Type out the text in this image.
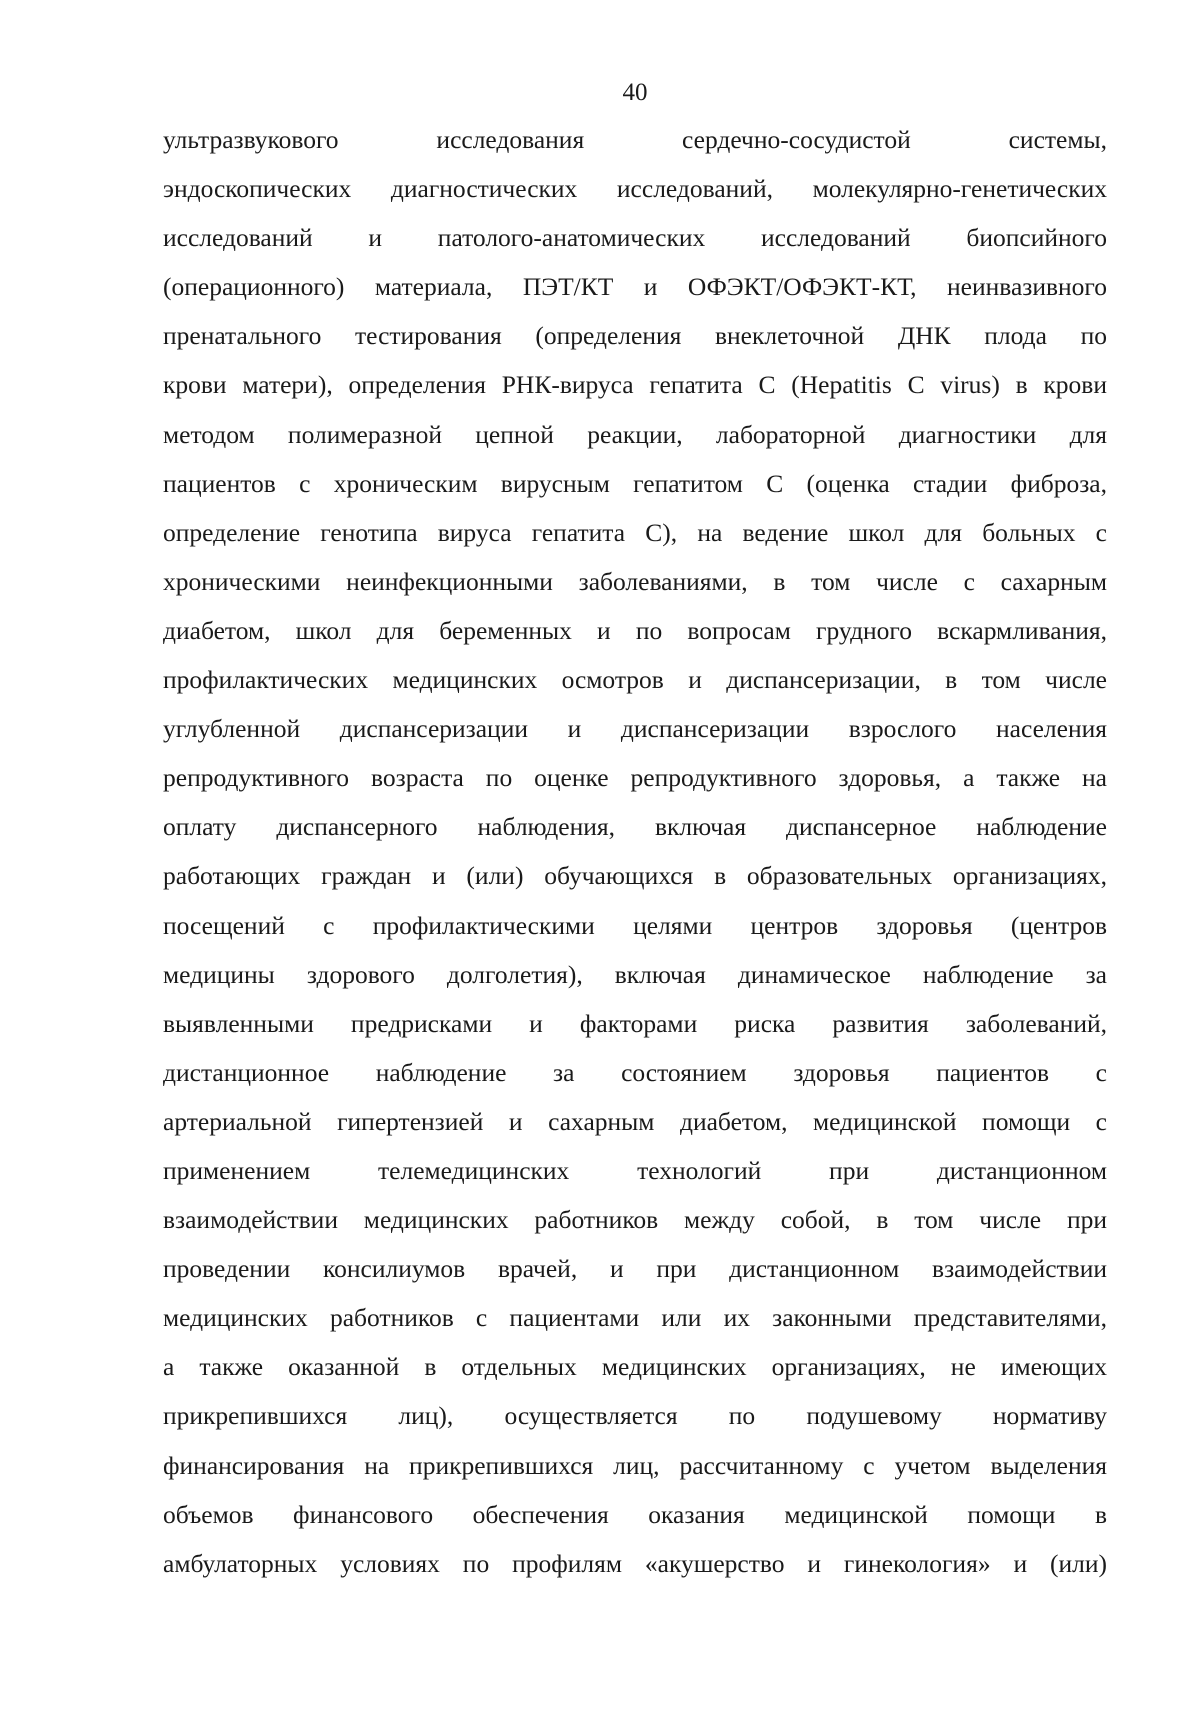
40
ультразвукового исследования сердечно-сосудистой системы,
эндоскопических диагностических исследований, молекулярно-генетических
исследований и патолого-анатомических исследований биопсийного
(операционного) материала, ПЭТ/КТ и ОФЭКТ/ОФЭКТ-КТ, неинвазивного
пренатального тестирования (определения внеклеточной ДНК плода по
крови матери), определения РНК-вируса гепатита С (Hepatitis C virus) в крови
методом полимеразной цепной реакции, лабораторной диагностики для
пациентов с хроническим вирусным гепатитом С (оценка стадии фиброза,
определение генотипа вируса гепатита С), на ведение школ для больных с
хроническими неинфекционными заболеваниями, в том числе с сахарным
диабетом, школ для беременных и по вопросам грудного вскармливания,
профилактических медицинских осмотров и диспансеризации, в том числе
углубленной диспансеризации и диспансеризации взрослого населения
репродуктивного возраста по оценке репродуктивного здоровья, а также на
оплату диспансерного наблюдения, включая диспансерное наблюдение
работающих граждан и (или) обучающихся в образовательных организациях,
посещений с профилактическими целями центров здоровья (центров
медицины здорового долголетия), включая динамическое наблюдение за
выявленными предрисками и факторами риска развития заболеваний,
дистанционное наблюдение за состоянием здоровья пациентов с
артериальной гипертензией и сахарным диабетом, медицинской помощи с
применением телемедицинских технологий при дистанционном
взаимодействии медицинских работников между собой, в том числе при
проведении консилиумов врачей, и при дистанционном взаимодействии
медицинских работников с пациентами или их законными представителями,
а также оказанной в отдельных медицинских организациях, не имеющих
прикрепившихся лиц), осуществляется по подушевому нормативу
финансирования на прикрепившихся лиц, рассчитанному с учетом выделения
объемов финансового обеспечения оказания медицинской помощи в
амбулаторных условиях по профилям «акушерство и гинекология» и (или)
